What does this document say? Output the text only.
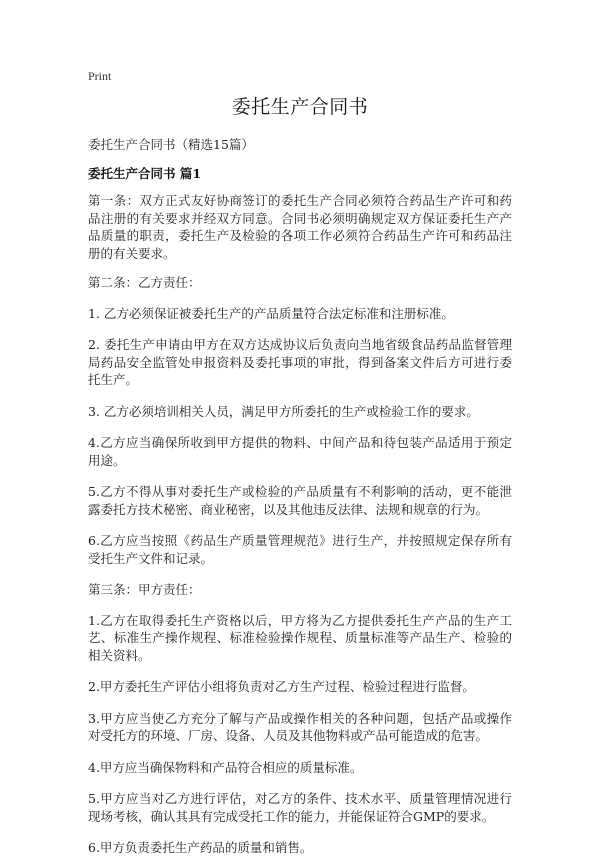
Print
委托生产合同书

委托生产合同书（精选15篇）

委托生产合同书 篇1

第一条：双方正式友好协商签订的委托生产合同必须符合药品生产许可和药品注册的有关要求并经双方同意。合同书必须明确规定双方保证委托生产产品质量的职责，委托生产及检验的各项工作必须符合药品生产许可和药品注册的有关要求。

第二条：乙方责任：

1. 乙方必须保证被委托生产的产品质量符合法定标准和注册标准。

2. 委托生产申请由甲方在双方达成协议后负责向当地省级食品药品监督管理局药品安全监管处申报资料及委托事项的审批，得到备案文件后方可进行委托生产。

3. 乙方必须培训相关人员，满足甲方所委托的生产或检验工作的要求。

4.乙方应当确保所收到甲方提供的物料、中间产品和待包装产品适用于预定用途。

5.乙方不得从事对委托生产或检验的产品质量有不利影响的活动，更不能泄露委托方技术秘密、商业秘密，以及其他违反法律、法规和规章的行为。

6.乙方应当按照《药品生产质量管理规范》进行生产，并按照规定保存所有受托生产文件和记录。

第三条：甲方责任：

1.乙方在取得委托生产资格以后，甲方将为乙方提供委托生产产品的生产工艺、标准生产操作规程、标准检验操作规程、质量标准等产品生产、检验的相关资料。

2.甲方委托生产评估小组将负责对乙方生产过程、检验过程进行监督。

3.甲方应当使乙方充分了解与产品或操作相关的各种问题，包括产品或操作对受托方的环境、厂房、设备、人员及其他物料或产品可能造成的危害。

4.甲方应当确保物料和产品符合相应的质量标准。

5.甲方应当对乙方进行评估，对乙方的条件、技术水平、质量管理情况进行现场考核，确认其具有完成受托工作的能力，并能保证符合GMP的要求。

6.甲方负责委托生产药品的质量和销售。
